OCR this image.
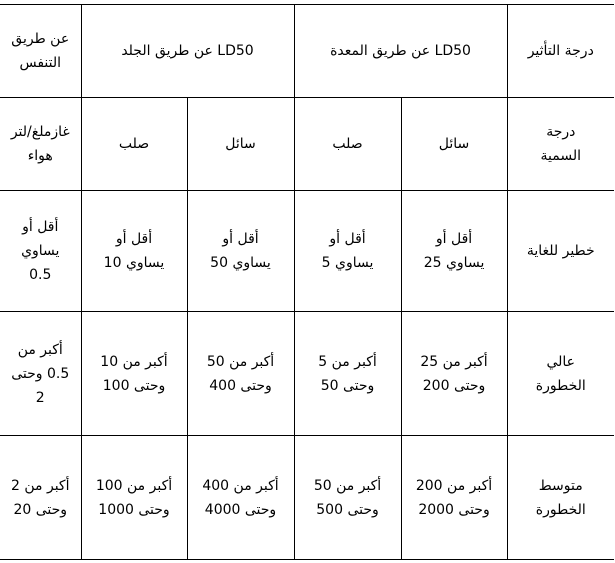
عن طريق
التنفس	LD50 عن طريق الجلد		LD50 عن طريق المعدة		درجة التأثير

غازملغ/لتر
هواء	صلب	سائل	صلب	سائل	درجة
السمية

أقل أو
يساوي
0.5	أقل أو
يساوي 10	أقل أو
يساوي 50	أقل أو
يساوي 5	أقل أو
يساوي 25	خطير للغاية

أكبر من
0.5 وحتى
2	أكبر من 10
وحتى 100	أكبر من 50
وحتى 400	أكبر من 5
وحتى 50	أكبر من 25
وحتى 200	عالي
الخطورة

أكبر من 2
وحتى 20	أكبر من 100
وحتى 1000	أكبر من 400
وحتى 4000	أكبر من 50
وحتى 500	أكبر من 200
وحتى 2000	متوسط
الخطورة
